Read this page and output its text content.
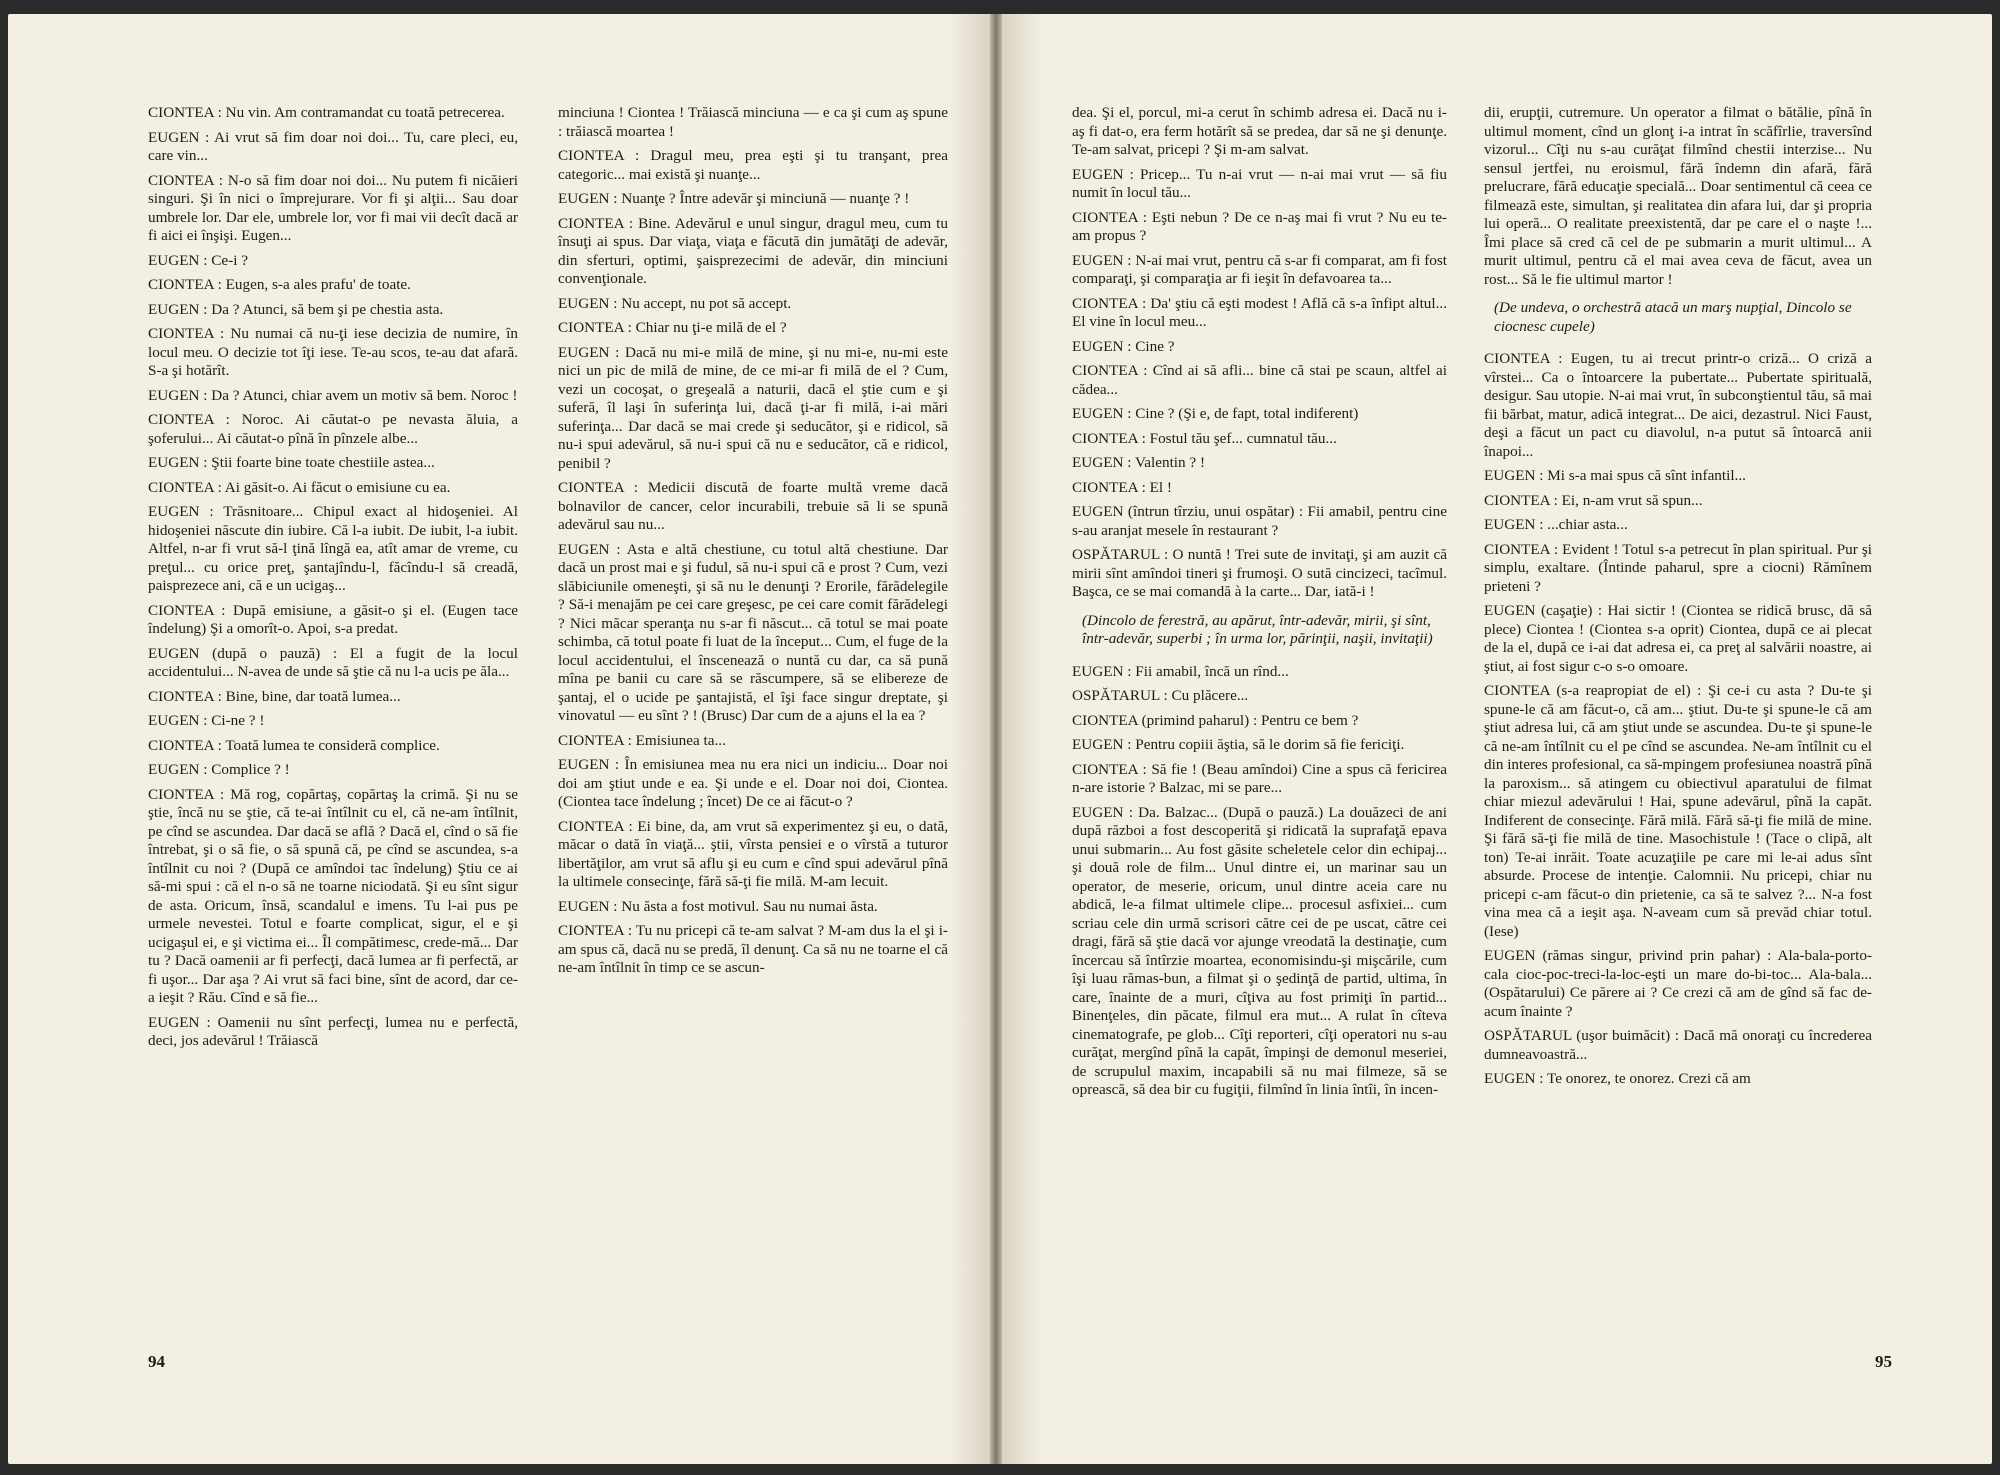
CIONTEA : Nu vin. Am contramandat cu toată petrecerea.

EUGEN : Ai vrut să fim doar noi doi... Tu, care pleci, eu, care vin...

CIONTEA : N-o să fim doar noi doi... Nu putem fi nicăieri singuri. Şi în nici o împrejurare. Vor fi şi alţii... Sau doar umbrele lor. Dar ele, umbrele lor, vor fi mai vii decît dacă ar fi aici ei înşişi. Eugen...

EUGEN : Ce-i ?

CIONTEA : Eugen, s-a ales prafu' de toate.

EUGEN : Da ? Atunci, să bem şi pe chestia asta.

CIONTEA : Nu numai că nu-ţi iese decizia de numire, în locul meu. O decizie tot îţi iese. Te-au scos, te-au dat afară. S-a şi hotărît.

EUGEN : Da ? Atunci, chiar avem un motiv să bem. Noroc !

CIONTEA : Noroc. Ai căutat-o pe nevasta ăluia, a şoferului... Ai căutat-o pînă în pînzele albe...

EUGEN : Ştii foarte bine toate chestiile astea...

CIONTEA : Ai găsit-o. Ai făcut o emisiune cu ea.

EUGEN : Trăsnitoare... Chipul exact al hidoşeniei. Al hidoşeniei născute din iubire. Că l-a iubit. De iubit, l-a iubit. Altfel, n-ar fi vrut să-l ţină lîngă ea, atît amar de vreme, cu preţul... cu orice preţ, şantajîndu-l, făcîndu-l să creadă, paisprezece ani, că e un ucigaş...

CIONTEA : După emisiune, a găsit-o şi el. (Eugen tace îndelung) Şi a omorît-o. Apoi, s-a predat.

EUGEN (după o pauză) : El a fugit de la locul accidentului... N-avea de unde să ştie că nu l-a ucis pe ăla...

CIONTEA : Bine, bine, dar toată lumea...

EUGEN : Ci-ne ? !

CIONTEA : Toată lumea te consideră complice.

EUGEN : Complice ? !

CIONTEA : Mă rog, copărtaş, copărtaş la crimă. Şi nu se ştie, încă nu se ştie, că te-ai întîlnit cu el, că ne-am întîlnit, pe cînd se ascundea. Dar dacă se află ? Dacă el, cînd o să fie întrebat, şi o să fie, o să spună că, pe cînd se ascundea, s-a întîlnit cu noi ? (După ce amîndoi tac îndelung) Ştiu ce ai să-mi spui : că el n-o să ne toarne niciodată. Şi eu sînt sigur de asta. Oricum, însă, scandalul e imens. Tu l-ai pus pe urmele nevestei. Totul e foarte complicat, sigur, el e şi ucigaşul ei, e şi victima ei... Îl compătimesc, crede-mă... Dar tu ? Dacă oamenii ar fi perfecţi, dacă lumea ar fi perfectă, ar fi uşor... Dar aşa ? Ai vrut să faci bine, sînt de acord, dar ce-a ieşit ? Rău. Cînd e să fie...

EUGEN : Oamenii nu sînt perfecţi, lumea nu e perfectă, deci, jos adevărul ! Trăiască

minciuna ! Ciontea ! Trăiască minciuna — e ca şi cum aş spune : trăiască moartea !

CIONTEA : Dragul meu, prea eşti şi tu tranşant, prea categoric... mai există şi nuanţe...

EUGEN : Nuanţe ? Între adevăr şi minciună — nuanţe ? !

CIONTEA : Bine. Adevărul e unul singur, dragul meu, cum tu însuţi ai spus. Dar viaţa, viaţa e făcută din jumătăţi de adevăr, din sferturi, optimi, şaisprezecimi de adevăr, din minciuni convenţionale.

EUGEN : Nu accept, nu pot să accept.

CIONTEA : Chiar nu ţi-e milă de el ?

EUGEN : Dacă nu mi-e milă de mine, şi nu mi-e, nu-mi este nici un pic de milă de mine, de ce mi-ar fi milă de el ? Cum, vezi un cocoşat, o greşeală a naturii, dacă el ştie cum e şi suferă, îl laşi în suferinţa lui, dacă ţi-ar fi milă, i-ai mări suferinţa... Dar dacă se mai crede şi seducător, şi e ridicol, să nu-i spui adevărul, să nu-i spui că nu e seducător, că e ridicol, penibil ?

CIONTEA : Medicii discută de foarte multă vreme dacă bolnavilor de cancer, celor incurabili, trebuie să li se spună adevărul sau nu...

EUGEN : Asta e altă chestiune, cu totul altă chestiune. Dar dacă un prost mai e şi fudul, să nu-i spui că e prost ? Cum, vezi slăbiciunile omeneşti, şi să nu le denunţi ? Erorile, fărădelegile ? Să-i menajăm pe cei care greşesc, pe cei care comit fărădelegi ? Nici măcar speranţa nu s-ar fi născut... că totul se mai poate schimba, că totul poate fi luat de la început... Cum, el fuge de la locul accidentului, el înscenează o nuntă cu dar, ca să pună mîna pe banii cu care să se răscumpere, să se elibereze de şantaj, el o ucide pe şantajistă, el îşi face singur dreptate, şi vinovatul — eu sînt ? ! (Brusc) Dar cum de a ajuns el la ea ?

CIONTEA : Emisiunea ta...

EUGEN : În emisiunea mea nu era nici un indiciu... Doar noi doi am ştiut unde e ea. Şi unde e el. Doar noi doi, Ciontea. (Ciontea tace îndelung ; încet) De ce ai făcut-o ?

CIONTEA : Ei bine, da, am vrut să experimentez şi eu, o dată, măcar o dată în viaţă... ştii, vîrsta pensiei e o vîrstă a tuturor libertăţilor, am vrut să aflu şi eu cum e cînd spui adevărul pînă la ultimele consecinţe, fără să-ţi fie milă. M-am lecuit.

EUGEN : Nu ăsta a fost motivul. Sau nu numai ăsta.

CIONTEA : Tu nu pricepi că te-am salvat ? M-am dus la el şi i-am spus că, dacă nu se predă, îl denunţ. Ca să nu ne toarne el că ne-am întîlnit în timp ce se ascun-

94

dea. Şi el, porcul, mi-a cerut în schimb adresa ei. Dacă nu i-aş fi dat-o, era ferm hotărît să se predea, dar să ne şi denunţe. Te-am salvat, pricepi ? Şi m-am salvat.

EUGEN : Pricep... Tu n-ai vrut — n-ai mai vrut — să fiu numit în locul tău...

CIONTEA : Eşti nebun ? De ce n-aş mai fi vrut ? Nu eu te-am propus ?

EUGEN : N-ai mai vrut, pentru că s-ar fi comparat, am fi fost comparaţi, şi comparaţia ar fi ieşit în defavoarea ta...

CIONTEA : Da' ştiu că eşti modest ! Află că s-a înfipt altul... El vine în locul meu...

EUGEN : Cine ?

CIONTEA : Cînd ai să afli... bine că stai pe scaun, altfel ai cădea...

EUGEN : Cine ? (Şi e, de fapt, total indiferent)

CIONTEA : Fostul tău şef... cumnatul tău...

EUGEN : Valentin ? !

CIONTEA : El !

EUGEN (întrun tîrziu, unui ospătar) : Fii amabil, pentru cine s-au aranjat mesele în restaurant ?

OSPĂTARUL : O nuntă ! Trei sute de invitaţi, şi am auzit că mirii sînt amîndoi tineri şi frumoşi. O sută cincizeci, tacîmul. Başca, ce se mai comandă à la carte... Dar, iată-i !

(Dincolo de ferestră, au apărut, într-adevăr, mirii, şi sînt, într-adevăr, superbi ; în urma lor, părinţii, naşii, invitaţii)

EUGEN : Fii amabil, încă un rînd...

OSPĂTARUL : Cu plăcere...

CIONTEA (primind paharul) : Pentru ce bem ?

EUGEN : Pentru copiii ăştia, să le dorim să fie fericiţi.

CIONTEA : Să fie ! (Beau amîndoi) Cine a spus că fericirea n-are istorie ? Balzac, mi se pare...

EUGEN : Da. Balzac... (După o pauză.) La douăzeci de ani după război a fost descoperită şi ridicată la suprafaţă epava unui submarin... Au fost găsite scheletele celor din echipaj... şi două role de film... Unul dintre ei, un marinar sau un operator, de meserie, oricum, unul dintre aceia care nu abdică, le-a filmat ultimele clipe... procesul asfixiei... cum scriau cele din urmă scrisori către cei de pe uscat, către cei dragi, fără să ştie dacă vor ajunge vreodată la destinaţie, cum încercau să întîrzie moartea, economisindu-şi mişcările, cum îşi luau rămas-bun, a filmat şi o şedinţă de partid, ultima, în care, înainte de a muri, cîţiva au fost primiţi în partid... Binenţeles, din păcate, filmul era mut... A rulat în cîteva cinematografe, pe glob... Cîţi reporteri, cîţi operatori nu s-au curăţat, mergînd pînă la capăt, împinşi de demonul meseriei, de scrupulul maxim, incapabili să nu mai filmeze, să se oprească, să dea bir cu fugiţii, filmînd în linia întîi, în incen-

dii, erupţii, cutremure. Un operator a filmat o bătălie, pînă în ultimul moment, cînd un glonţ i-a intrat în scăfîrlie, traversînd vizorul... Cîţi nu s-au curăţat filmînd chestii interzise... Nu sensul jertfei, nu eroismul, fără îndemn din afară, fără prelucrare, fără educaţie specială... Doar sentimentul că ceea ce filmează este, simultan, şi realitatea din afara lui, dar şi propria lui operă... O realitate preexistentă, dar pe care el o naşte !... Îmi place să cred că cel de pe submarin a murit ultimul... A murit ultimul, pentru că el mai avea ceva de făcut, avea un rost... Să le fie ultimul martor !

(De undeva, o orchestră atacă un marş nupţial, Dincolo se ciocnesc cupele)

CIONTEA : Eugen, tu ai trecut printr-o criză... O criză a vîrstei... Ca o întoarcere la pubertate... Pubertate spirituală, desigur. Sau utopie. N-ai mai vrut, în subconştientul tău, să mai fii bărbat, matur, adică integrat... De aici, dezastrul. Nici Faust, deşi a făcut un pact cu diavolul, n-a putut să întoarcă anii înapoi...

EUGEN : Mi s-a mai spus că sînt infantil...

CIONTEA : Ei, n-am vrut să spun...

EUGEN : ...chiar asta...

CIONTEA : Evident ! Totul s-a petrecut în plan spiritual. Pur şi simplu, exaltare. (Întinde paharul, spre a ciocni) Rămînem prieteni ?

EUGEN (caşaţie) : Hai sictir ! (Ciontea se ridică brusc, dă să plece) Ciontea ! (Ciontea s-a oprit) Ciontea, după ce ai plecat de la el, după ce i-ai dat adresa ei, ca preţ al salvării noastre, ai ştiut, ai fost sigur c-o s-o omoare.

CIONTEA (s-a reapropiat de el) : Şi ce-i cu asta ? Du-te şi spune-le că am făcut-o, că am... ştiut. Du-te şi spune-le că am ştiut adresa lui, că am ştiut unde se ascundea. Du-te şi spune-le că ne-am întîlnit cu el pe cînd se ascundea. Ne-am întîlnit cu el din interes profesional, ca să-mpingem profesiunea noastră pînă la paroxism... să atingem cu obiectivul aparatului de filmat chiar miezul adevărului ! Hai, spune adevărul, pînă la capăt. Indiferent de consecinţe. Fără milă. Fără să-ţi fie milă de mine. Şi fără să-ţi fie milă de tine. Masochistule ! (Tace o clipă, alt ton) Te-ai inrăit. Toate acuzaţiile pe care mi le-ai adus sînt absurde. Procese de intenţie. Calomnii. Nu pricepi, chiar nu pricepi c-am făcut-o din prietenie, ca să te salvez ?... N-a fost vina mea că a ieşit aşa. N-aveam cum să prevăd chiar totul. (Iese)

EUGEN (rămas singur, privind prin pahar) : Ala-bala-porto-cala cioc-poc-treci-la-loc-eşti un mare do-bi-toc... Ala-bala... (Ospătarului) Ce părere ai ? Ce crezi că am de gînd să fac de-acum înainte ?

OSPĂTARUL (uşor buimăcit) : Dacă mă onoraţi cu încrederea dumneavoastră...

EUGEN : Te onorez, te onorez. Crezi că am

95
